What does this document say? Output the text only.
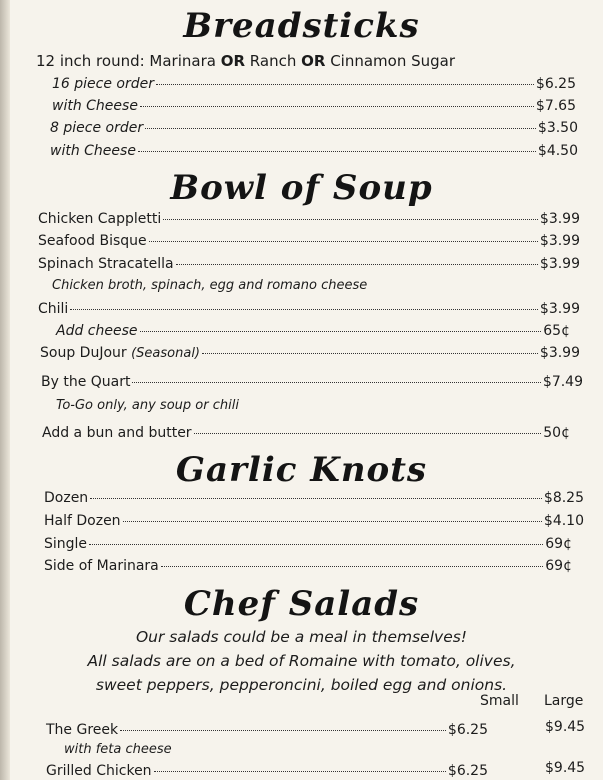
Breadsticks
12 inch round: Marinara OR Ranch OR Cinnamon Sugar
16 piece order	$6.25
with Cheese	$7.65
8 piece order	$3.50
with Cheese	$4.50
Bowl of Soup
Chicken Cappletti	$3.99
Seafood Bisque	$3.99
Spinach Stracatella	$3.99
Chicken broth, spinach, egg and romano cheese
Chili	$3.99
Add cheese	65¢
Soup DuJour (Seasonal)	$3.99
By the Quart	$7.49
To-Go only, any soup or chili
Add a bun and butter	50¢
Garlic Knots
Dozen	$8.25
Half Dozen	$4.10
Single	69¢
Side of Marinara	69¢
Chef Salads
Our salads could be a meal in themselves!
All salads are on a bed of Romaine with tomato, olives,
sweet peppers, pepperoncini, boiled egg and onions.
Small Large
The Greek	$6.25	$9.45
with feta cheese
Grilled Chicken	$6.25	$9.45
